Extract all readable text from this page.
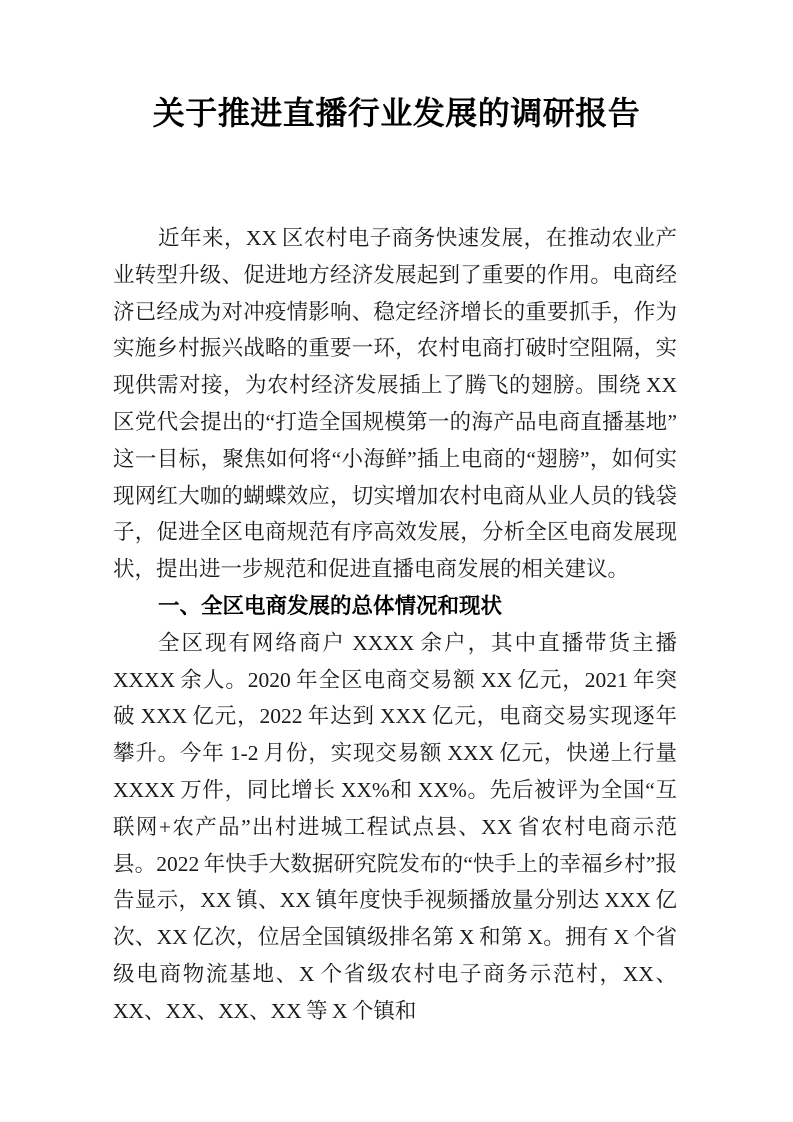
关于推进直播行业发展的调研报告

近年来，XX 区农村电子商务快速发展，在推动农业产业转型升级、促进地方经济发展起到了重要的作用。电商经济已经成为对冲疫情影响、稳定经济增长的重要抓手，作为实施乡村振兴战略的重要一环，农村电商打破时空阻隔，实现供需对接，为农村经济发展插上了腾飞的翅膀。围绕 XX 区党代会提出的“打造全国规模第一的海产品电商直播基地”这一目标，聚焦如何将“小海鲜”插上电商的“翅膀”，如何实现网红大咖的蝴蝶效应，切实增加农村电商从业人员的钱袋子，促进全区电商规范有序高效发展，分析全区电商发展现状，提出进一步规范和促进直播电商发展的相关建议。

一、全区电商发展的总体情况和现状

全区现有网络商户 XXXX 余户，其中直播带货主播 XXXX 余人。2020 年全区电商交易额 XX 亿元，2021 年突破 XXX 亿元，2022 年达到 XXX 亿元，电商交易实现逐年攀升。今年 1-2 月份，实现交易额 XXX 亿元，快递上行量 XXXX 万件，同比增长 XX%和 XX%。先后被评为全国“互联网+农产品”出村进城工程试点县、XX 省农村电商示范县。2022 年快手大数据研究院发布的“快手上的幸福乡村”报告显示，XX 镇、XX 镇年度快手视频播放量分别达 XXX 亿次、XX 亿次，位居全国镇级排名第 X 和第 X。拥有 X 个省级电商物流基地、X 个省级农村电子商务示范村，XX、XX、XX、XX、XX 等 X 个镇和
